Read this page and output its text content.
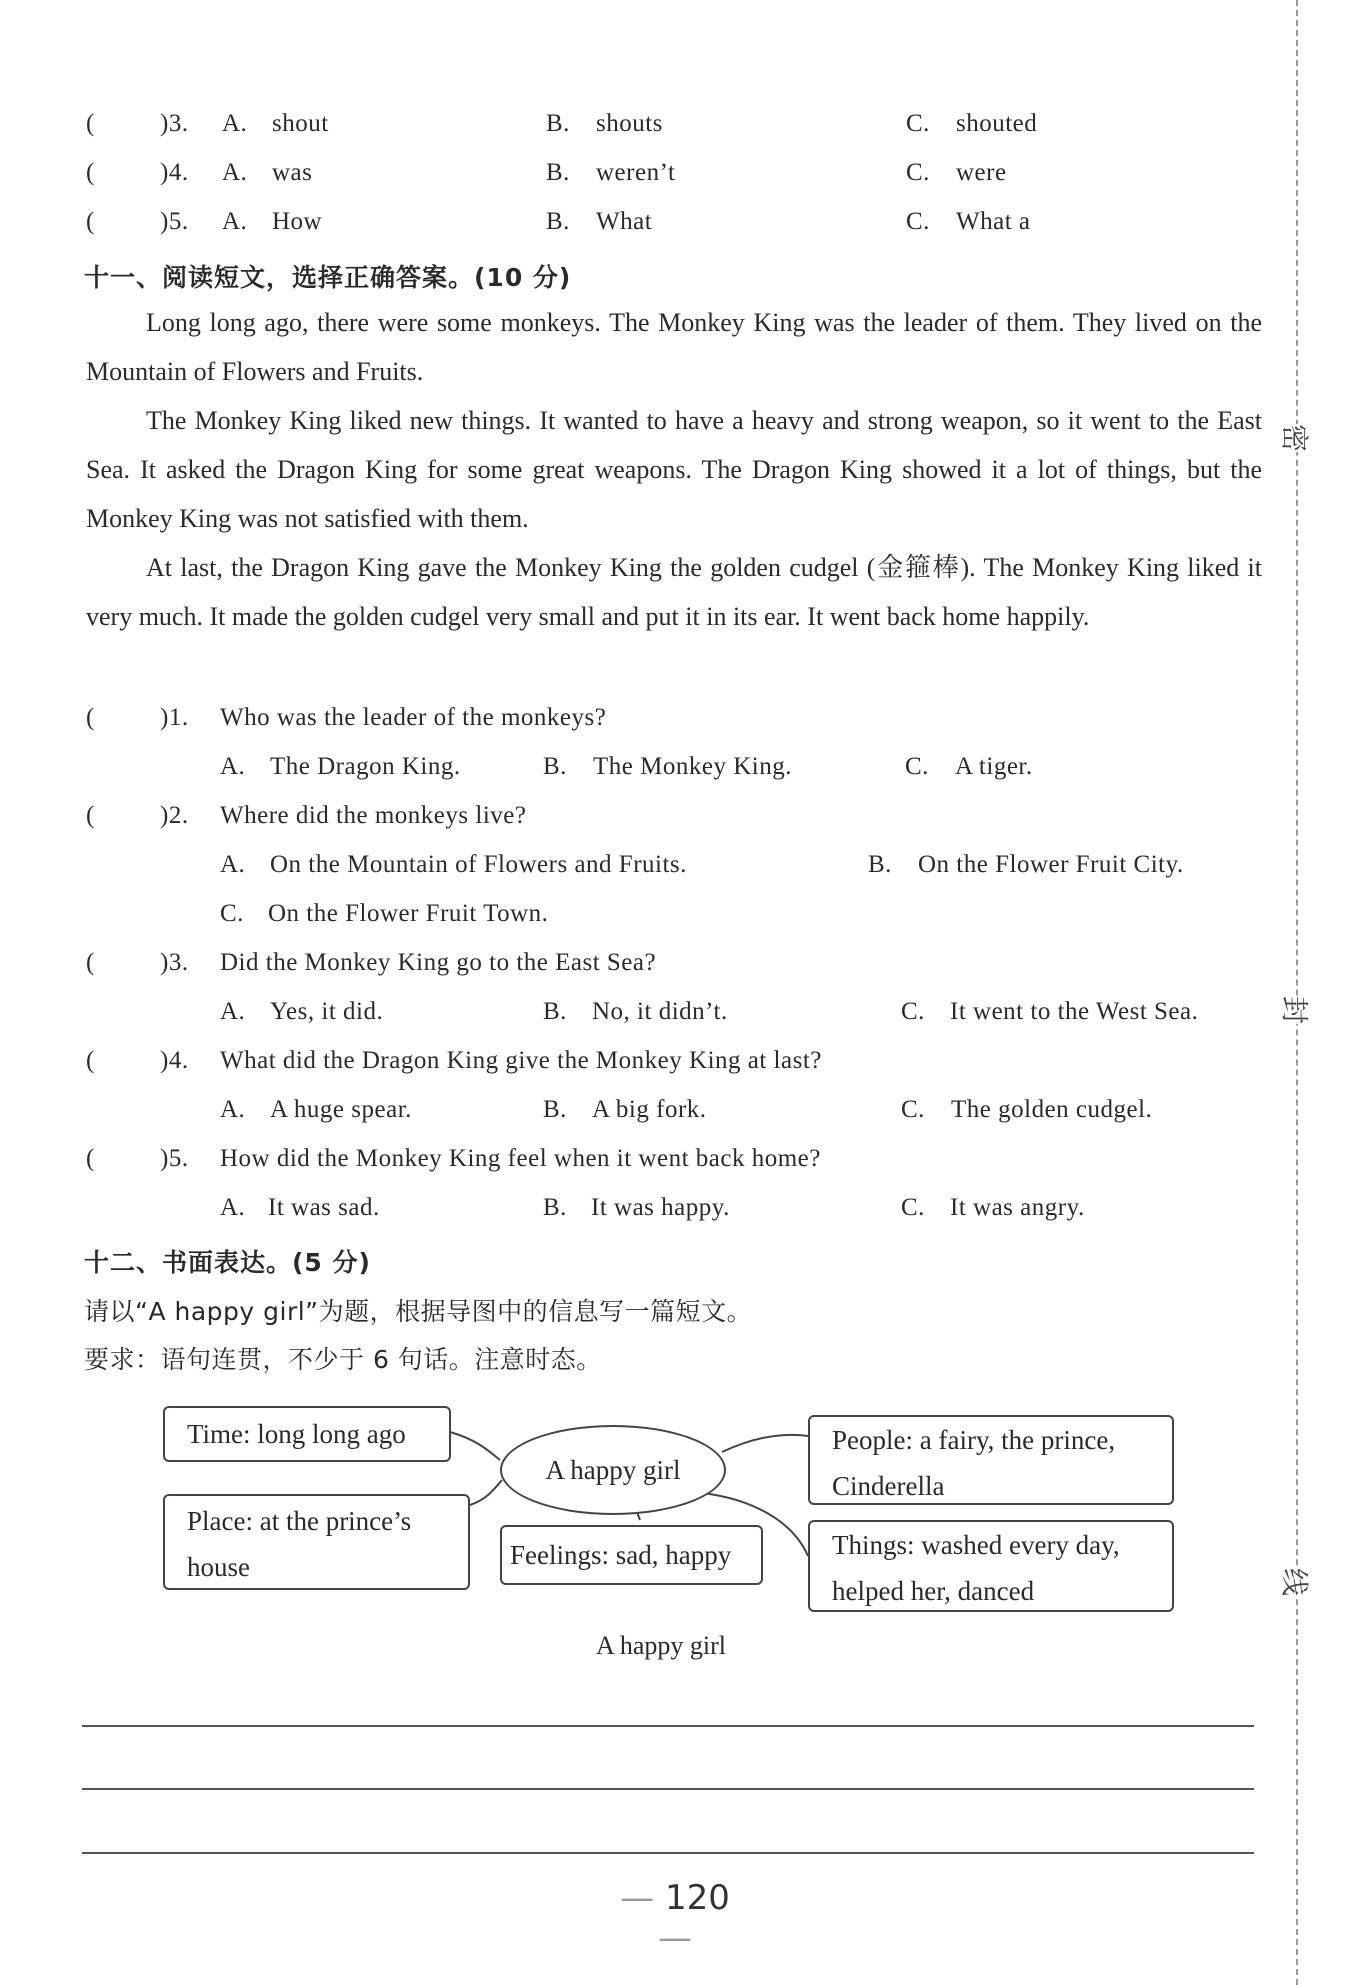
(	)3. A. shout	B. shouts	C. shouted
(	)4. A. was	B. weren’t	C. were
(	)5. A. How	B. What	C. What a
十一、阅读短文，选择正确答案。(10 分)

Long long ago, there were some monkeys. The Monkey King was the leader of them. They lived on the Mountain of Flowers and Fruits.

The Monkey King liked new things. It wanted to have a heavy and strong weapon, so it went to the East Sea. It asked the Dragon King for some great weapons. The Dragon King showed it a lot of things, but the Monkey King was not satisfied with them.

At last, the Dragon King gave the Monkey King the golden cudgel (金箍棒). The Monkey King liked it very much. It made the golden cudgel very small and put it in its ear. It went back home happily.

(	)1. Who was the leader of the monkeys?
A. The Dragon King.	B. The Monkey King.	C. A tiger.
(	)2. Where did the monkeys live?
A. On the Mountain of Flowers and Fruits.	B. On the Flower Fruit City.
C. On the Flower Fruit Town.
(	)3. Did the Monkey King go to the East Sea?
A. Yes, it did.	B. No, it didn’t.	C. It went to the West Sea.
(	)4. What did the Dragon King give the Monkey King at last?
A. A huge spear.	B. A big fork.	C. The golden cudgel.
(	)5. How did the Monkey King feel when it went back home?
A. It was sad.	B. It was happy.	C. It was angry.
十二、书面表达。(5 分)
请以“A happy girl”为题，根据导图中的信息写一篇短文。
要求：语句连贯，不少于 6 句话。注意时态。
Time: long long ago
Place: at the prince’s
house
A happy girl
Feelings: sad, happy
People: a fairy, the prince,
Cinderella
Things: washed every day,
helped her, danced
A happy girl
— 120 —
密
封
线
